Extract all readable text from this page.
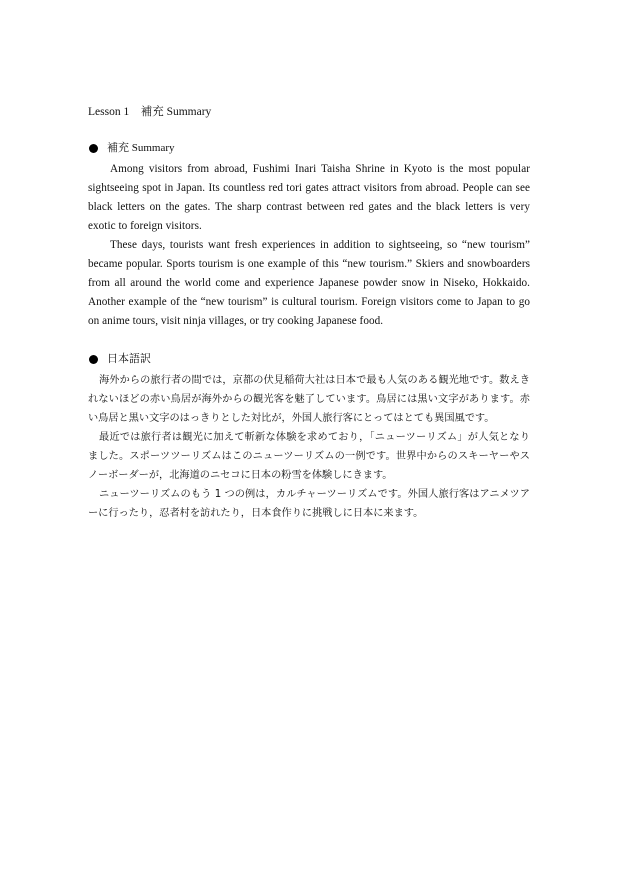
Lesson 1　補充 Summary
補充 Summary

Among visitors from abroad, Fushimi Inari Taisha Shrine in Kyoto is the most popular sightseeing spot in Japan. Its countless red tori gates attract visitors from abroad. People can see black letters on the gates. The sharp contrast between red gates and the black letters is very exotic to foreign visitors.

These days, tourists want fresh experiences in addition to sightseeing, so “new tourism” became popular. Sports tourism is one example of this “new tourism.” Skiers and snowboarders from all around the world come and experience Japanese powder snow in Niseko, Hokkaido. Another example of the “new tourism” is cultural tourism. Foreign visitors come to Japan to go on anime tours, visit ninja villages, or try cooking Japanese food.

日本語訳

海外からの旅行者の間では，京都の伏見稲荷大社は日本で最も人気のある観光地です。数えきれないほどの赤い鳥居が海外からの観光客を魅了しています。鳥居には黒い文字があります。赤い鳥居と黒い文字のはっきりとした対比が，外国人旅行客にとってはとても異国風です。

最近では旅行者は観光に加えて斬新な体験を求めており，「ニューツーリズム」が人気となりました。スポーツツーリズムはこのニューツーリズムの一例です。世界中からのスキーヤーやスノーボーダーが，北海道のニセコに日本の粉雪を体験しにきます。

ニューツーリズムのもう 1 つの例は，カルチャーツーリズムです。外国人旅行客はアニメツアーに行ったり，忍者村を訪れたり，日本食作りに挑戦しに日本に来ます。
